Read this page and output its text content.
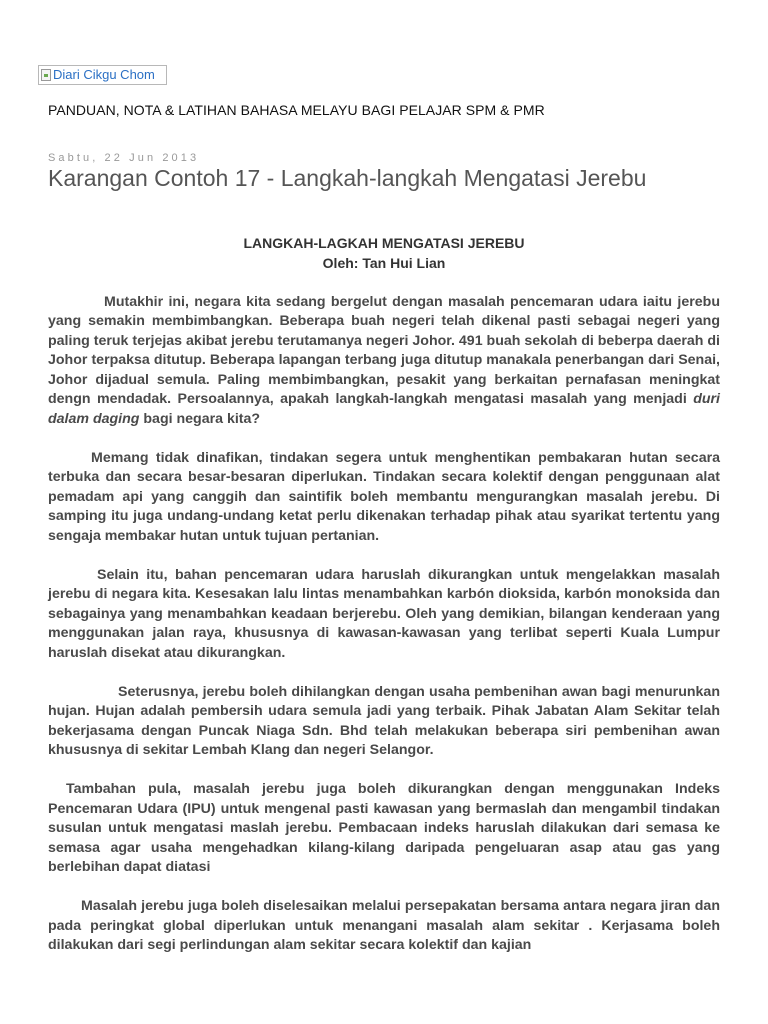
Diari Cikgu Chom
PANDUAN, NOTA & LATIHAN BAHASA MELAYU BAGI PELAJAR SPM & PMR
Sabtu, 22 Jun 2013
Karangan Contoh 17 - Langkah-langkah Mengatasi Jerebu
LANGKAH-LAGKAH MENGATASI JEREBU
Oleh: Tan Hui Lian

Mutakhir ini, negara kita sedang bergelut dengan masalah pencemaran udara iaitu jerebu yang semakin membimbangkan. Beberapa buah negeri telah dikenal pasti sebagai negeri yang paling teruk terjejas akibat jerebu terutamanya negeri Johor. 491 buah sekolah di beberpa daerah di Johor terpaksa ditutup. Beberapa lapangan terbang juga ditutup manakala penerbangan dari Senai, Johor dijadual semula. Paling membimbangkan, pesakit yang berkaitan pernafasan meningkat dengn mendadak. Persoalannya, apakah langkah-langkah mengatasi masalah yang menjadi duri dalam daging bagi negara kita?

Memang tidak dinafikan, tindakan segera untuk menghentikan pembakaran hutan secara terbuka dan secara besar-besaran diperlukan. Tindakan secara kolektif dengan penggunaan alat pemadam api yang canggih dan saintifik boleh membantu mengurangkan masalah jerebu. Di samping itu juga undang-undang ketat perlu dikenakan terhadap pihak atau syarikat tertentu yang sengaja membakar hutan untuk tujuan pertanian.

Selain itu, bahan pencemaran udara haruslah dikurangkan untuk mengelakkan masalah jerebu di negara kita. Kesesakan lalu lintas menambahkan karbón dioksida, karbón monoksida dan sebagainya yang menambahkan keadaan berjerebu. Oleh yang demikian, bilangan kenderaan yang menggunakan jalan raya, khususnya di kawasan-kawasan yang terlibat seperti Kuala Lumpur haruslah disekat atau dikurangkan.

Seterusnya, jerebu boleh dihilangkan dengan usaha pembenihan awan bagi menurunkan hujan. Hujan adalah pembersih udara semula jadi yang terbaik. Pihak Jabatan Alam Sekitar telah bekerjasama dengan Puncak Niaga Sdn. Bhd telah melakukan beberapa siri pembenihan awan khususnya di sekitar Lembah Klang dan negeri Selangor.

Tambahan pula, masalah jerebu juga boleh dikurangkan dengan menggunakan Indeks Pencemaran Udara (IPU) untuk mengenal pasti kawasan yang bermaslah dan mengambil tindakan susulan untuk mengatasi maslah jerebu. Pembacaan indeks haruslah dilakukan dari semasa ke semasa agar usaha mengehadkan kilang-kilang daripada pengeluaran asap atau gas yang berlebihan dapat diatasi

Masalah jerebu juga boleh diselesaikan melalui persepakatan bersama antara negara jiran dan pada peringkat global diperlukan untuk menangani masalah alam sekitar . Kerjasama boleh dilakukan dari segi perlindungan alam sekitar secara kolektif dan kajian
